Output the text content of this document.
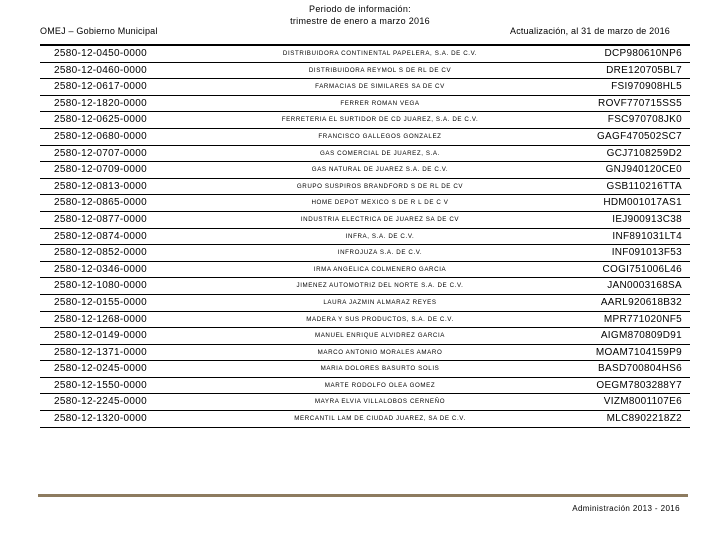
OMEJ – Gobierno Municipal
Periodo de información:
trimestre de enero a marzo 2016
Actualización, al 31 de marzo de 2016
2580-12-0450-0000	DISTRIBUIDORA CONTINENTAL PAPELERA, S.A. DE C.V.	DCP980610NP6
2580-12-0460-0000	DISTRIBUIDORA REYMOL S DE RL DE CV	DRE120705BL7
2580-12-0617-0000	FARMACIAS DE SIMILARES SA DE CV	FSI970908HL5
2580-12-1820-0000	FERRER ROMAN VEGA	ROVF770715SS5
2580-12-0625-0000	FERRETERIA EL SURTIDOR DE CD JUAREZ, S.A. DE C.V.	FSC970708JK0
2580-12-0680-0000	FRANCISCO GALLEGOS GONZALEZ	GAGF470502SC7
2580-12-0707-0000	GAS COMERCIAL DE JUAREZ, S.A.	GCJ7108259D2
2580-12-0709-0000	GAS NATURAL DE JUAREZ S.A. DE C.V.	GNJ940120CE0
2580-12-0813-0000	GRUPO SUSPIROS BRANDFORD S DE RL DE CV	GSB110216TTA
2580-12-0865-0000	HOME DEPOT MEXICO S DE R L DE C V	HDM001017AS1
2580-12-0877-0000	INDUSTRIA ELECTRICA DE JUAREZ SA DE CV	IEJ900913C38
2580-12-0874-0000	INFRA, S.A. DE C.V.	INF891031LT4
2580-12-0852-0000	INFROJUZA S.A. DE C.V.	INF091013F53
2580-12-0346-0000	IRMA ANGELICA COLMENERO GARCIA	COGI751006L46
2580-12-1080-0000	JIMENEZ AUTOMOTRIZ DEL NORTE S.A. DE C.V.	JAN0003168SA
2580-12-0155-0000	LAURA JAZMIN ALMARAZ REYES	AARL920618B32
2580-12-1268-0000	MADERA Y SUS PRODUCTOS, S.A. DE C.V.	MPR771020NF5
2580-12-0149-0000	MANUEL ENRIQUE ALVIDREZ GARCIA	AIGM870809D91
2580-12-1371-0000	MARCO ANTONIO MORALES AMARO	MOAM7104159P9
2580-12-0245-0000	MARIA DOLORES BASURTO SOLIS	BASD700804HS6
2580-12-1550-0000	MARTE RODOLFO OLEA GOMEZ	OEGM7803288Y7
2580-12-2245-0000	MAYRA ELVIA VILLALOBOS CERNEÑO	VIZM8001107E6
2580-12-1320-0000	MERCANTIL LAM DE CIUDAD JUAREZ, SA DE C.V.	MLC8902218Z2
Administración 2013 - 2016
